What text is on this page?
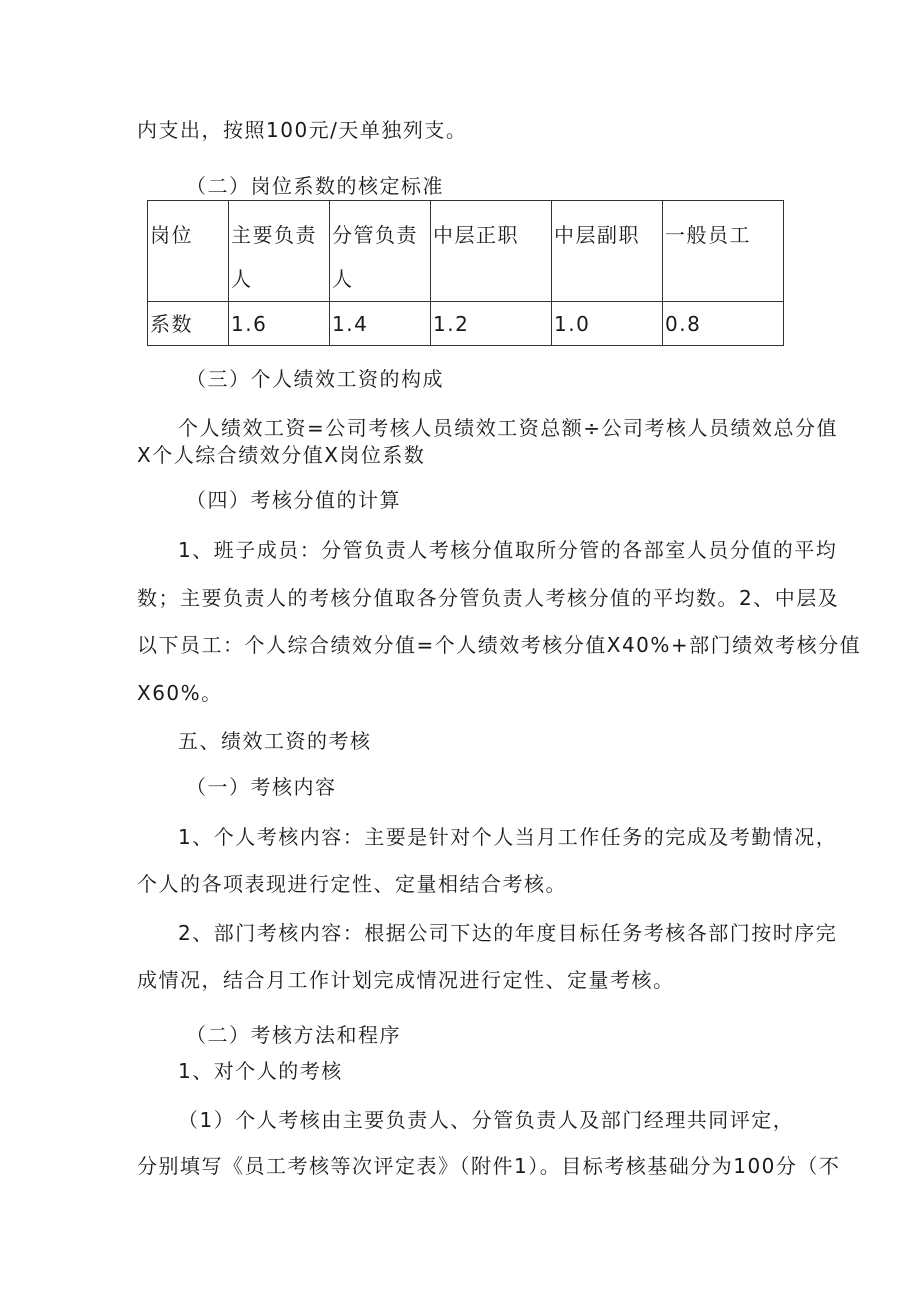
内支出，按照100元/天单独列支。
（二）岗位系数的核定标准
岗位	主要负责人	分管负责人	中层正职	中层副职	一般员工
系数	1.6	1.4	1.2	1.0	0.8
（三）个人绩效工资的构成
个人绩效工资=公司考核人员绩效工资总额÷公司考核人员绩效总分值
X个人综合绩效分值X岗位系数
（四）考核分值的计算
1、班子成员：分管负责人考核分值取所分管的各部室人员分值的平均
数；主要负责人的考核分值取各分管负责人考核分值的平均数。2、中层及
以下员工：个人综合绩效分值=个人绩效考核分值X40%+部门绩效考核分值
X60%。
五、绩效工资的考核
（一）考核内容
1、个人考核内容：主要是针对个人当月工作任务的完成及考勤情况，
个人的各项表现进行定性、定量相结合考核。
2、部门考核内容：根据公司下达的年度目标任务考核各部门按时序完
成情况，结合月工作计划完成情况进行定性、定量考核。
（二）考核方法和程序
1、对个人的考核
（1）个人考核由主要负责人、分管负责人及部门经理共同评定，
分别填写《员工考核等次评定表》（附件1）。目标考核基础分为100分（不
